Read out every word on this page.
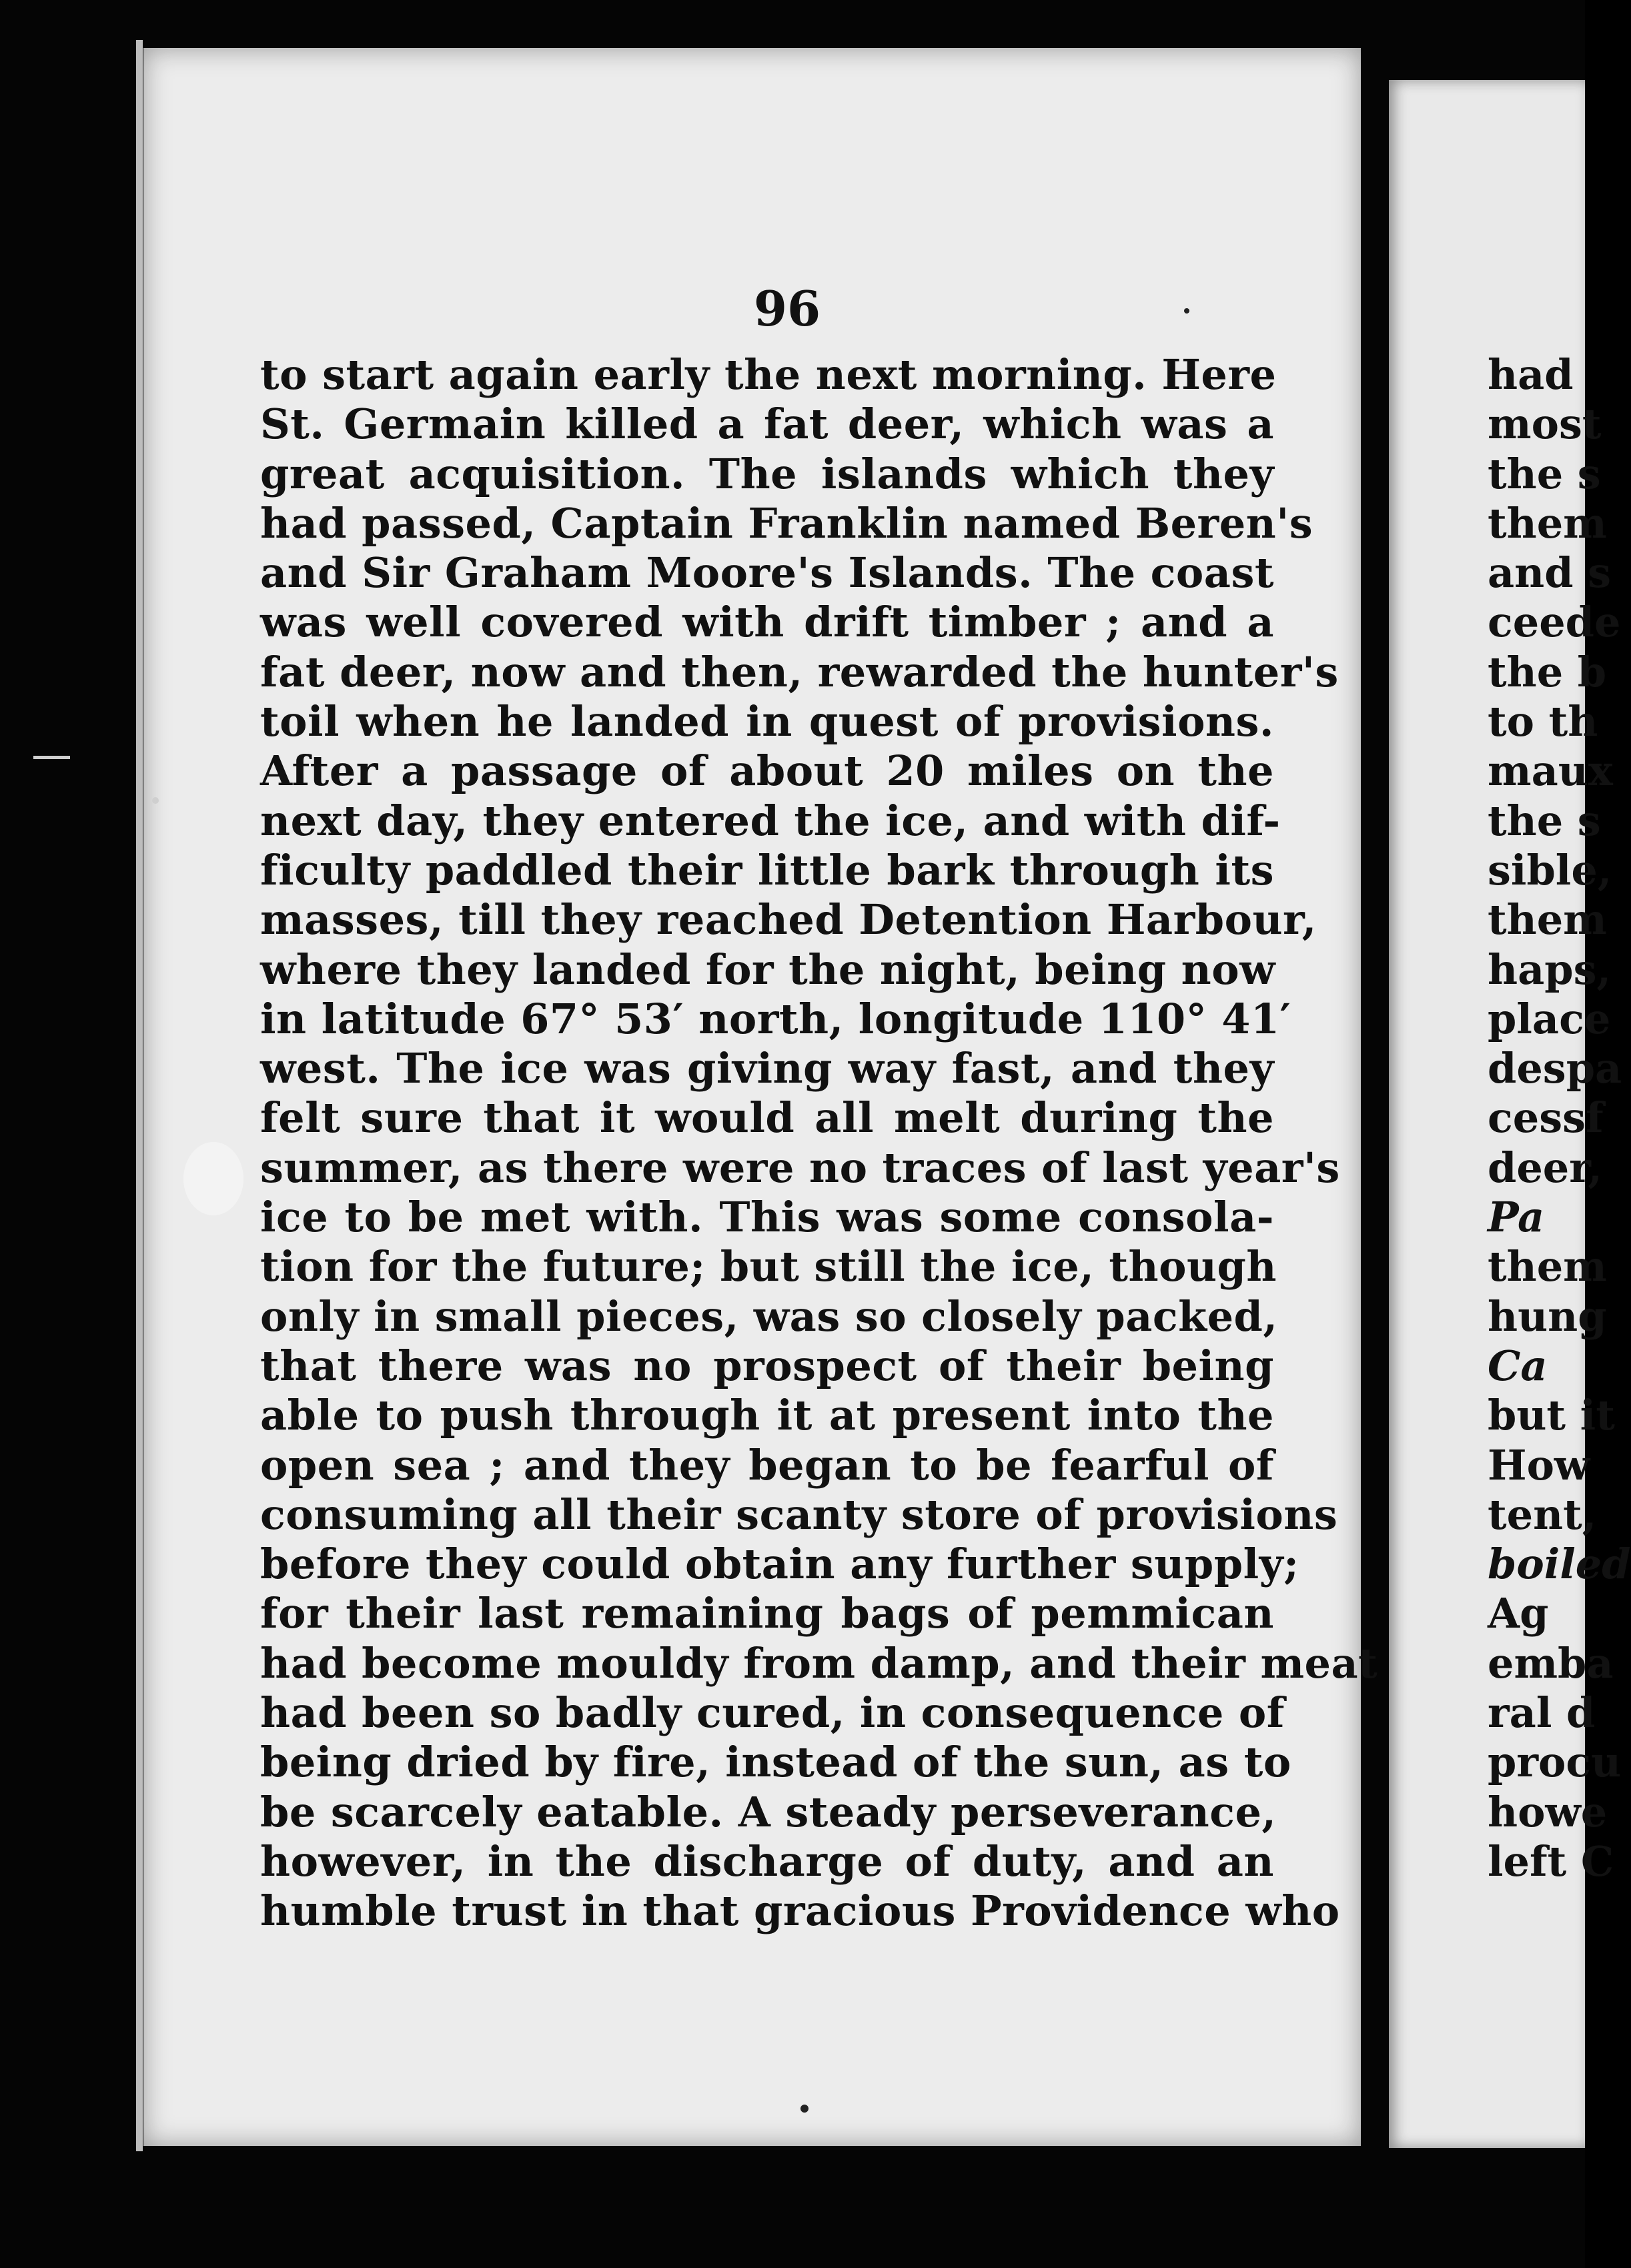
96
to start again early the next morning. Here
St. Germain killed a fat deer, which was a
great acquisition. The islands which they
had passed, Captain Franklin named Beren's
and Sir Graham Moore's Islands. The coast
was well covered with drift timber ; and a
fat deer, now and then, rewarded the hunter's
toil when he landed in quest of provisions.
After a passage of about 20 miles on the
next day, they entered the ice, and with dif-
ficulty paddled their little bark through its
masses, till they reached Detention Harbour,
where they landed for the night, being now
in latitude 67° 53′ north, longitude 110° 41′
west. The ice was giving way fast, and they
felt sure that it would all melt during the
summer, as there were no traces of last year's
ice to be met with. This was some consola-
tion for the future; but still the ice, though
only in small pieces, was so closely packed,
that there was no prospect of their being
able to push through it at present into the
open sea ; and they began to be fearful of
consuming all their scanty store of provisions
before they could obtain any further supply;
for their last remaining bags of pemmican
had become mouldy from damp, and their meat
had been so badly cured, in consequence of
being dried by fire, instead of the sun, as to
be scarcely eatable. A steady perseverance,
however, in the discharge of duty, and an
humble trust in that gracious Providence who
had
most
the s
them
and s
ceede
the b
to th
maux
the s
sible,
them
haps,
place
despa
cessf
deer,
Pa
them
hung
Ca
but it
How
tent,
boiled
Ag
emba
ral d
procu
howe
left C
